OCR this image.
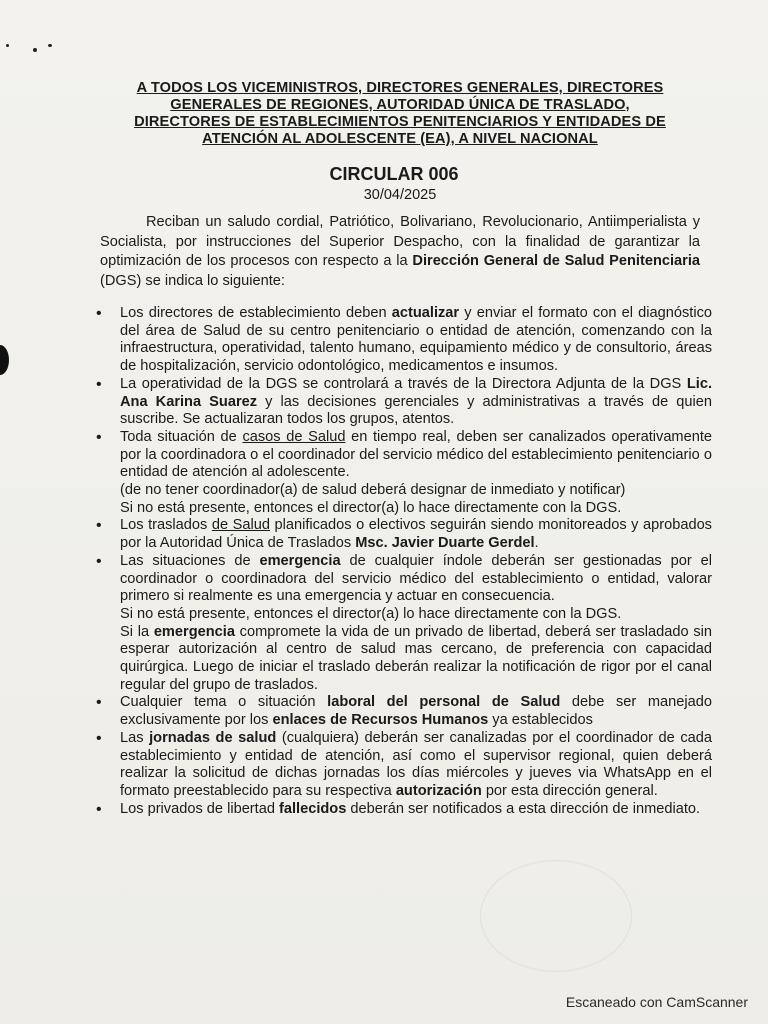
A TODOS LOS VICEMINISTROS, DIRECTORES GENERALES, DIRECTORES
GENERALES DE REGIONES, AUTORIDAD ÚNICA DE TRASLADO,
DIRECTORES DE ESTABLECIMIENTOS PENITENCIARIOS Y ENTIDADES DE
ATENCIÓN AL ADOLESCENTE (EA), A NIVEL NACIONAL
CIRCULAR 006
30/04/2025

Reciban un saludo cordial, Patriótico, Bolivariano, Revolucionario, Antiimperialista y Socialista, por instrucciones del Superior Despacho, con la finalidad de garantizar la optimización de los procesos con respecto a la Dirección General de Salud Penitenciaria (DGS) se indica lo siguiente:

• Los directores de establecimiento deben actualizar y enviar el formato con el diagnóstico del área de Salud de su centro penitenciario o entidad de atención, comenzando con la infraestructura, operatividad, talento humano, equipamiento médico y de consultorio, áreas de hospitalización, servicio odontológico, medicamentos e insumos.
• La operatividad de la DGS se controlará a través de la Directora Adjunta de la DGS Lic. Ana Karina Suarez y las decisiones gerenciales y administrativas a través de quien suscribe. Se actualizaran todos los grupos, atentos.
• Toda situación de casos de Salud en tiempo real, deben ser canalizados operativamente por la coordinadora o el coordinador del servicio médico del establecimiento penitenciario o entidad de atención al adolescente.

(de no tener coordinador(a) de salud deberá designar de inmediato y notificar)

Si no está presente, entonces el director(a) lo hace directamente con la DGS.

• Los traslados de Salud planificados o electivos seguirán siendo monitoreados y aprobados por la Autoridad Única de Traslados Msc. Javier Duarte Gerdel.
• Las situaciones de emergencia de cualquier índole deberán ser gestionadas por el coordinador o coordinadora del servicio médico del establecimiento o entidad, valorar primero si realmente es una emergencia y actuar en consecuencia.

Si no está presente, entonces el director(a) lo hace directamente con la DGS.

Si la emergencia compromete la vida de un privado de libertad, deberá ser trasladado sin esperar autorización al centro de salud mas cercano, de preferencia con capacidad quirúrgica. Luego de iniciar el traslado deberán realizar la notificación de rigor por el canal regular del grupo de traslados.

• Cualquier tema o situación laboral del personal de Salud debe ser manejado exclusivamente por los enlaces de Recursos Humanos ya establecidos
• Las jornadas de salud (cualquiera) deberán ser canalizadas por el coordinador de cada establecimiento y entidad de atención, así como el supervisor regional, quien deberá realizar la solicitud de dichas jornadas los días miércoles y jueves via WhatsApp en el formato preestablecido para su respectiva autorización por esta dirección general.
• Los privados de libertad fallecidos deberán ser notificados a esta dirección de inmediato.
Escaneado con CamScanner
